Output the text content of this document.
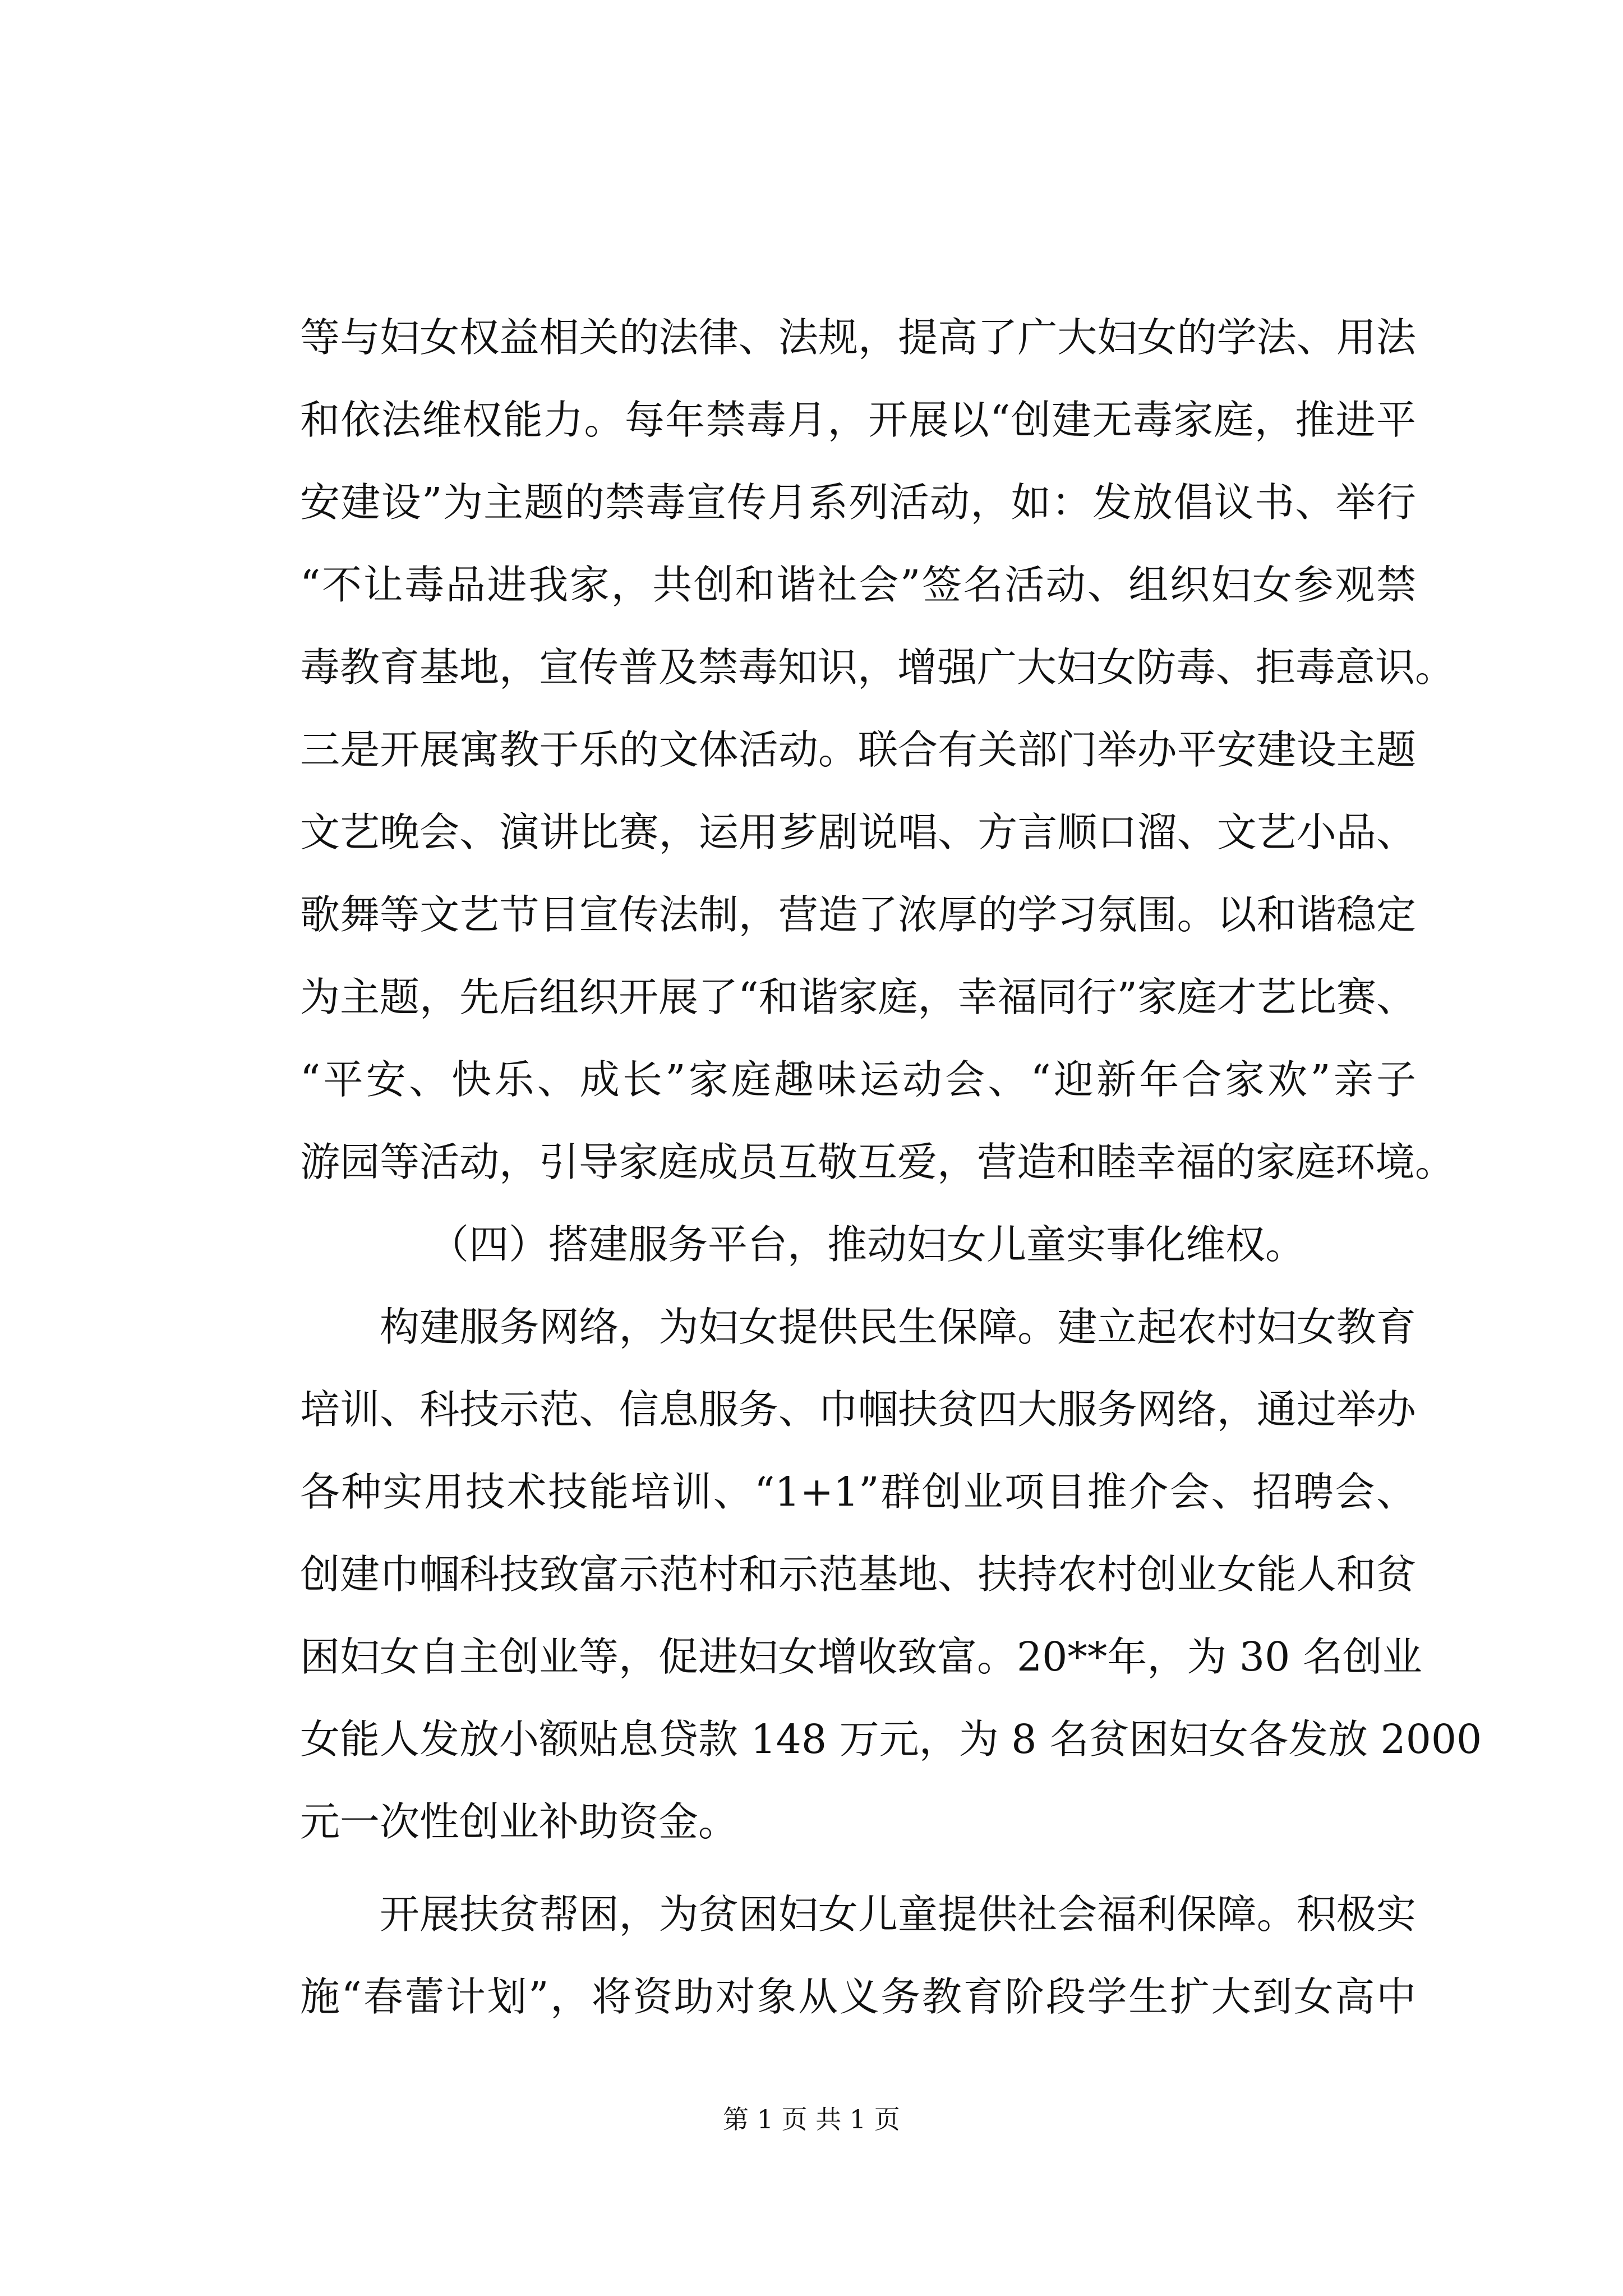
等与妇女权益相关的法律、法规，提高了广大妇女的学法、用法
和依法维权能力。每年禁毒月，开展以“创建无毒家庭，推进平
安建设”为主题的禁毒宣传月系列活动，如：发放倡议书、举行
“不让毒品进我家，共创和谐社会”签名活动、组织妇女参观禁
毒教育基地，宣传普及禁毒知识，增强广大妇女防毒、拒毒意识。
三是开展寓教于乐的文体活动。联合有关部门举办平安建设主题
文艺晚会、演讲比赛，运用芗剧说唱、方言顺口溜、文艺小品、
歌舞等文艺节目宣传法制，营造了浓厚的学习氛围。以和谐稳定
为主题，先后组织开展了“和谐家庭，幸福同行”家庭才艺比赛、
“平安、快乐、成长”家庭趣味运动会、“迎新年合家欢”亲子
游园等活动，引导家庭成员互敬互爱，营造和睦幸福的家庭环境。
（四）搭建服务平台，推动妇女儿童实事化维权。
构建服务网络，为妇女提供民生保障。建立起农村妇女教育
培训、科技示范、信息服务、巾帼扶贫四大服务网络，通过举办
各种实用技术技能培训、“1+1”群创业项目推介会、招聘会、
创建巾帼科技致富示范村和示范基地、扶持农村创业女能人和贫
困妇女自主创业等，促进妇女增收致富。20**年，为 30 名创业
女能人发放小额贴息贷款 148 万元，为 8 名贫困妇女各发放 2000
元一次性创业补助资金。
开展扶贫帮困，为贫困妇女儿童提供社会福利保障。积极实
施“春蕾计划”，将资助对象从义务教育阶段学生扩大到女高中
第 1 页 共 1 页
